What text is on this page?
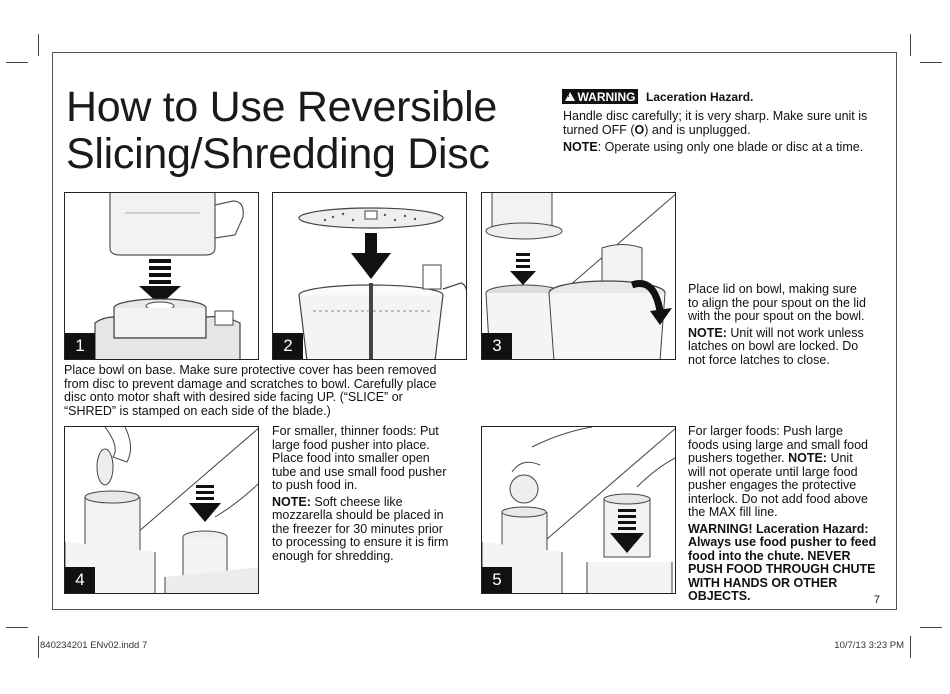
How to Use Reversible
Slicing/Shredding Disc
!
WARNING Laceration Hazard.
Handle disc carefully; it is very sharp. Make sure unit is
turned OFF (O) and is unplugged.
NOTE: Operate using only one blade or disc at a time.
1	2	3
Place bowl on base. Make sure protective cover has been removed
from disc to prevent damage and scratches to bowl. Carefully place
disc onto motor shaft with desired side facing UP. (“SLICE” or
“SHRED” is stamped on each side of the blade.)
Place lid on bowl, making sure
to align the pour spout on the lid
with the pour spout on the bowl.
NOTE: Unit will not work unless
latches on bowl are locked. Do
not force latches to close.
4
For smaller, thinner foods: Put
large food pusher into place.
Place food into smaller open
tube and use small food pusher
to push food in.
NOTE: Soft cheese like
mozzarella should be placed in
the freezer for 30 minutes prior
to processing to ensure it is firm
enough for shredding.
5
For larger foods: Push large
foods using large and small food
pushers together. NOTE: Unit
will not operate until large food
pusher engages the protective
interlock. Do not add food above
the MAX fill line.
WARNING! Laceration Hazard:
Always use food pusher to feed
food into the chute. NEVER
PUSH FOOD THROUGH CHUTE
WITH HANDS OR OTHER
OBJECTS.	7
840234201 ENv02.indd 7	10/7/13 3:23 PM
